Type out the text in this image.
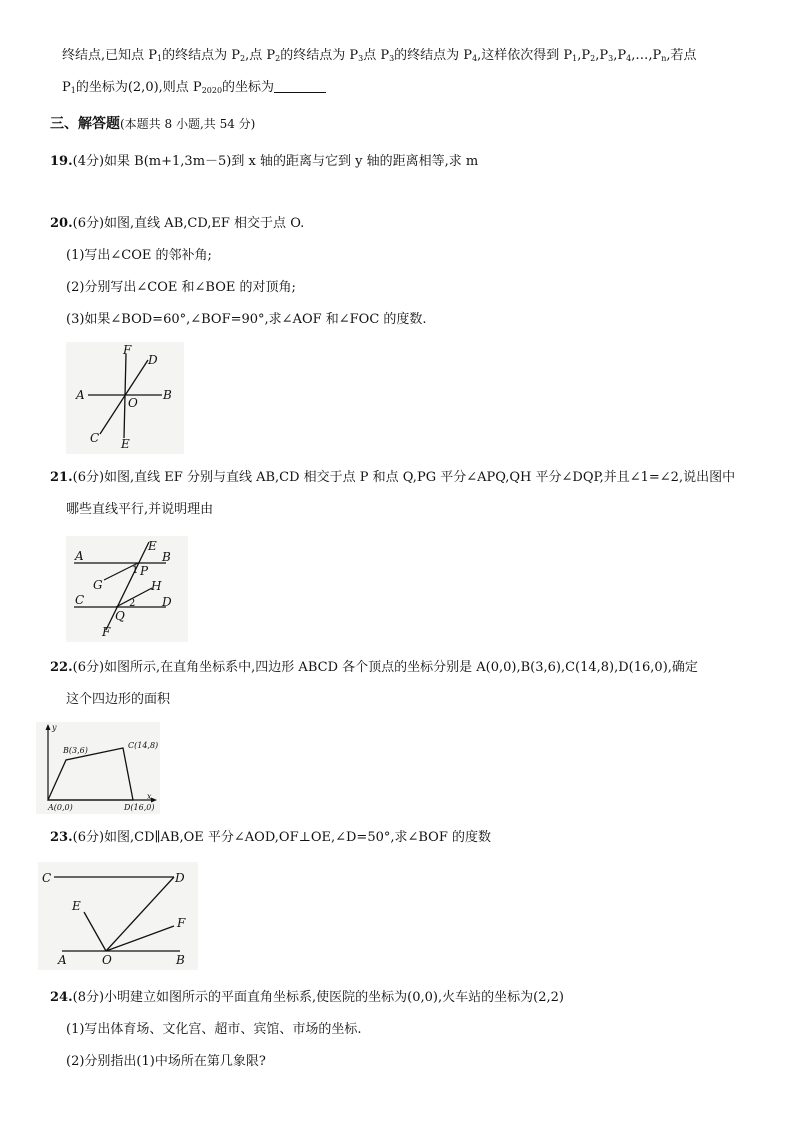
终结点,已知点 $P_1$的终结点为 $P_2$,点 $P_2$的终结点为 $P_3$点 $P_3$的终结点为 $P_4$,这样依次得到 $P_1,P_2,P_3,P_4,\dots,P_n$,若点
$P_1$的坐标为(2,0),则点 $P_{2020}$的坐标为
三、解答题(本题共 8 小题,共 54 分)
19.(4分)如果 B(m+1,3m－5)到 x 轴的距离与它到 y 轴的距离相等,求 m
20.(6分)如图,直线 AB,CD,EF 相交于点 O.
(1)写出∠COE 的邻补角;
(2)分别写出∠COE 和∠BOE 的对顶角;
(3)如果∠BOD=60°,∠BOF=90°,求∠AOF 和∠FOC 的度数.
F
D
A	B
O
C E
21.(6分)如图,直线 EF 分别与直线 AB,CD 相交于点 P 和点 Q,PG 平分∠APQ,QH 平分∠DQP,并且∠1=∠2,说出图中
哪些直线平行,并说明理由
A
E
B
1 P
G	H
C	2 D
Q
F
22.(6分)如图所示,在直角坐标系中,四边形 ABCD 各个顶点的坐标分别是 A(0,0),B(3,6),C(14,8),D(16,0),确定
这个四边形的面积
y
x
B(3,6)
C(14,8)
A(0,0)	D(16,0)
23.(6分)如图,CD∥AB,OE 平分∠AOD,OF⊥OE,∠D=50°,求∠BOF 的度数
C	D
E
F
A	O	B
24.(8分)小明建立如图所示的平面直角坐标系,使医院的坐标为(0,0),火车站的坐标为(2,2)
(1)写出体育场、文化宫、超市、宾馆、市场的坐标.
(2)分别指出(1)中场所在第几象限?
